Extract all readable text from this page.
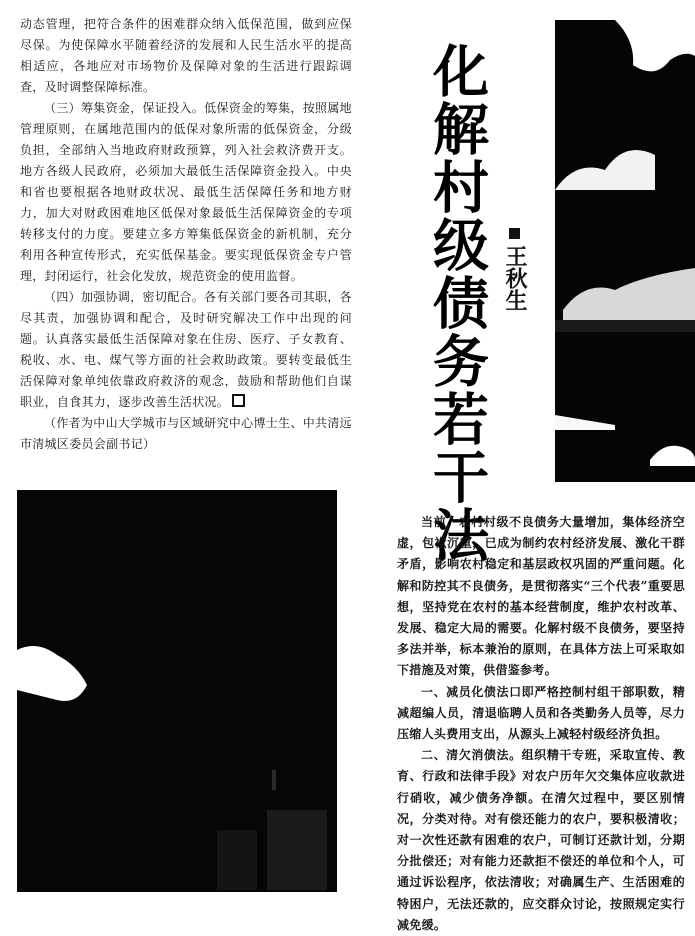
动态管理，把符合条件的困难群众纳入低保范围，做到应保尽保。为使保障水平随着经济的发展和人民生活水平的提高相适应，各地应对市场物价及保障对象的生活进行跟踪调查，及时调整保障标准。

（三）筹集资金，保证投入。低保资金的筹集，按照属地管理原则，在属地范围内的低保对象所需的低保资金，分级负担，全部纳入当地政府财政预算，列入社会救济费开支。地方各级人民政府，必须加大最低生活保障资金投入。中央和省也要根据各地财政状况、最低生活保障任务和地方财力，加大对财政困难地区低保对象最低生活保障资金的专项转移支付的力度。要建立多方筹集低保资金的新机制，充分利用各种宣传形式，充实低保基金。要实现低保资金专户管理，封闭运行，社会化发放，规范资金的使用监督。

（四）加强协调，密切配合。各有关部门要各司其职，各尽其责，加强协调和配合，及时研究解决工作中出现的问题。认真落实最低生活保障对象在住房、医疗、子女教育、税收、水、电、煤气等方面的社会救助政策。要转变最低生活保障对象单纯依靠政府救济的观念，鼓励和帮助他们自谋职业，自食其力，逐步改善生活状况。

（作者为中山大学城市与区域研究中心博士生、中共清远市清城区委员会副书记）	化解村级债务若干法 王秋生

当前，农村村级不良债务大量增加，集体经济空虚，包袱沉重，已成为制约农村经济发展、激化干群矛盾，影响农村稳定和基层政权巩固的严重问题。化解和防控其不良债务，是贯彻落实“三个代表”重要思想，坚持党在农村的基本经营制度，维护农村改革、发展、稳定大局的需要。化解村级不良债务，要坚持多法并举，标本兼治的原则，在具体方法上可采取如下措施及对策，供借鉴参考。

一、减员化债法口即严格控制村组干部职数，精减超编人员，清退临聘人员和各类勤务人员等，尽力压缩人头费用支出，从源头上减轻村级经济负担。

二、清欠消债法。组织精干专班，采取宣传、教育、行政和法律手段》对农户历年欠交集体应收款进行硝收，减少债务净额。在清欠过程中，要区别情况，分类对待。对有偿还能力的农户，要积极清收；对一次性还款有困难的农户，可制订还款计划，分期分批偿还；对有能力还款拒不偿还的单位和个人，可通过诉讼程序，依法清收；对确属生产、生活困难的特困户，无法还款的，应交群众讨论，按照规定实行减免缓。
